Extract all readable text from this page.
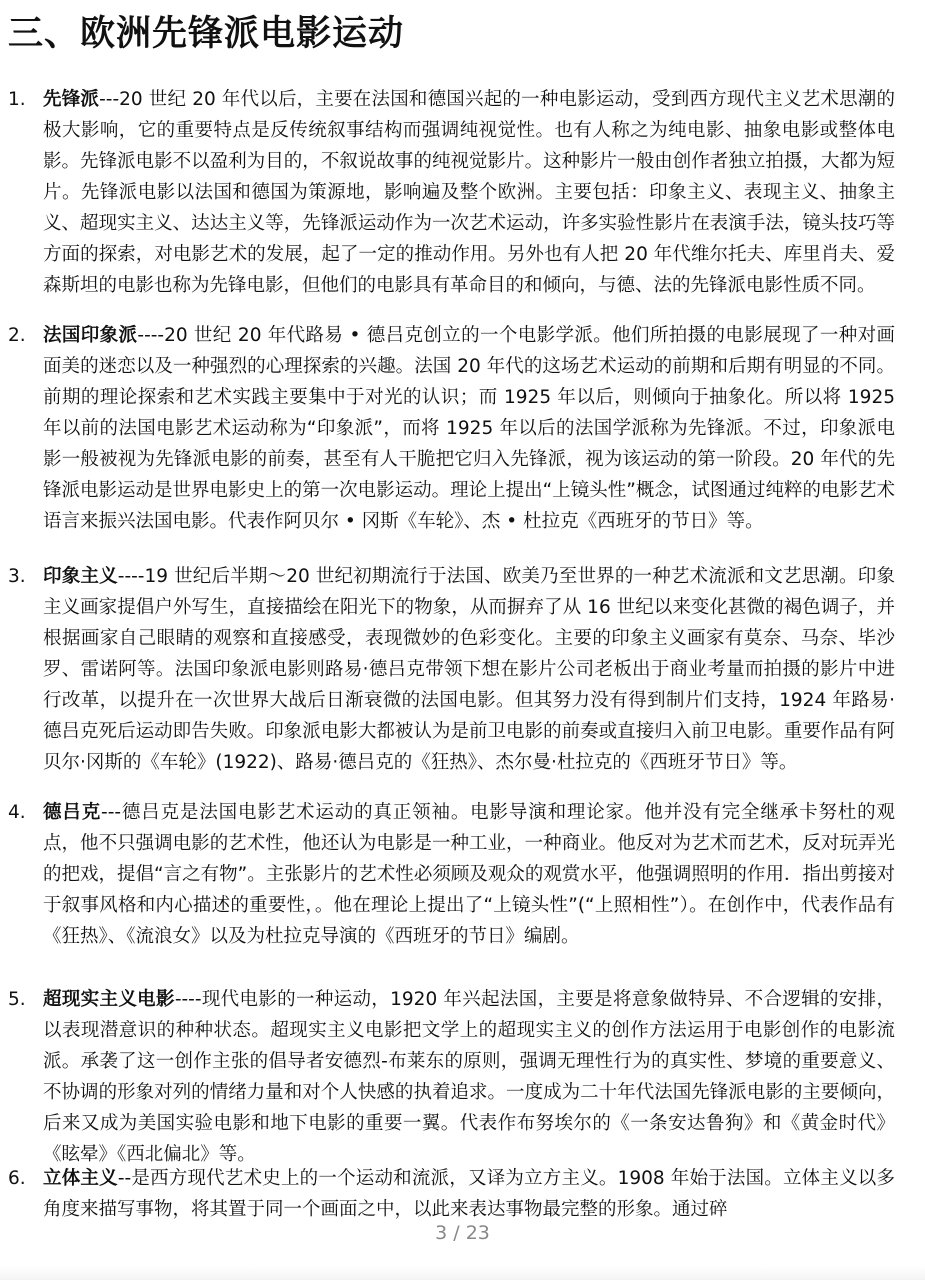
三、欧洲先锋派电影运动
1. 先锋派---20 世纪 20 年代以后，主要在法国和德国兴起的一种电影运动，受到西方现代主义艺术思潮的极大影响，它的重要特点是反传统叙事结构而强调纯视觉性。也有人称之为纯电影、抽象电影或整体电影。先锋派电影不以盈利为目的，不叙说故事的纯视觉影片。这种影片一般由创作者独立拍摄，大都为短片。先锋派电影以法国和德国为策源地，影响遍及整个欧洲。主要包括：印象主义、表现主义、抽象主义、超现实主义、达达主义等，先锋派运动作为一次艺术运动，许多实验性影片在表演手法，镜头技巧等方面的探索，对电影艺术的发展，起了一定的推动作用。另外也有人把 20 年代维尔托夫、库里肖夫、爱森斯坦的电影也称为先锋电影，但他们的电影具有革命目的和倾向，与德、法的先锋派电影性质不同。
2. 法国印象派----20 世纪 20 年代路易 • 德吕克创立的一个电影学派。他们所拍摄的电影展现了一种对画面美的迷恋以及一种强烈的心理探索的兴趣。法国 20 年代的这场艺术运动的前期和后期有明显的不同。前期的理论探索和艺术实践主要集中于对光的认识；而 1925 年以后，则倾向于抽象化。所以将 1925 年以前的法国电影艺术运动称为“印象派”，而将 1925 年以后的法国学派称为先锋派。不过，印象派电影一般被视为先锋派电影的前奏，甚至有人干脆把它归入先锋派，视为该运动的第一阶段。20 年代的先锋派电影运动是世界电影史上的第一次电影运动。理论上提出“上镜头性”概念，试图通过纯粹的电影艺术语言来振兴法国电影。代表作阿贝尔 • 冈斯《车轮》、杰 • 杜拉克《西班牙的节日》等。
3. 印象主义----19 世纪后半期～20 世纪初期流行于法国、欧美乃至世界的一种艺术流派和文艺思潮。印象主义画家提倡户外写生，直接描绘在阳光下的物象，从而摒弃了从 16 世纪以来变化甚微的褐色调子，并根据画家自己眼睛的观察和直接感受，表现微妙的色彩变化。主要的印象主义画家有莫奈、马奈、毕沙罗、雷诺阿等。法国印象派电影则路易·德吕克带领下想在影片公司老板出于商业考量而拍摄的影片中进行改革，以提升在一次世界大战后日渐衰微的法国电影。但其努力没有得到制片们支持，1924 年路易·德吕克死后运动即告失败。印象派电影大都被认为是前卫电影的前奏或直接归入前卫电影。重要作品有阿贝尔·冈斯的《车轮》(1922)、路易·德吕克的《狂热》、杰尔曼·杜拉克的《西班牙节日》等。
4. 德吕克---德吕克是法国电影艺术运动的真正领袖。电影导演和理论家。他并没有完全继承卡努杜的观点，他不只强调电影的艺术性，他还认为电影是一种工业，一种商业。他反对为艺术而艺术，反对玩弄光的把戏，提倡“言之有物”。主张影片的艺术性必须顾及观众的观赏水平，他强调照明的作用．指出剪接对于叙事风格和内心描述的重要性，。他在理论上提出了“上镜头性”(“上照相性”）。在创作中，代表作品有《狂热》、《流浪女》以及为杜拉克导演的《西班牙的节日》编剧。
5. 超现实主义电影----现代电影的一种运动，1920 年兴起法国，主要是将意象做特异、不合逻辑的安排，以表现潜意识的种种状态。超现实主义电影把文学上的超现实主义的创作方法运用于电影创作的电影流派。承袭了这一创作主张的倡导者安德烈-布莱东的原则，强调无理性行为的真实性、梦境的重要意义、不协调的形象对列的情绪力量和对个人快感的执着追求。一度成为二十年代法国先锋派电影的主要倾向，后来又成为美国实验电影和地下电影的重要一翼。代表作布努埃尔的《一条安达鲁狗》和《黄金时代》《眩晕》《西北偏北》等。
6. 立体主义--是西方现代艺术史上的一个运动和流派，又译为立方主义。1908 年始于法国。立体主义以多角度来描写事物，将其置于同一个画面之中，以此来表达事物最完整的形象。通过碎
3 / 23
